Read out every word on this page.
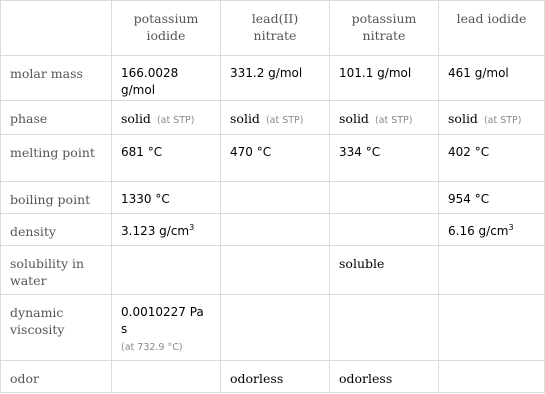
	potassium iodide	lead(II) nitrate	potassium nitrate	lead iodide
molar mass	166.0028 g/mol	331.2 g/mol	101.1 g/mol	461 g/mol
phase	solid (at STP)	solid (at STP)	solid (at STP)	solid (at STP)
melting point	681 °C	470 °C	334 °C	402 °C
boiling point	1330 °C			954 °C
density	3.123 $g/cm^3$			6.16 $g/cm^3$
solubility in water			soluble	
dynamic viscosity	0.0010227 Pa s
(at 732.9 °C)			

odor		odorless	odorless	
